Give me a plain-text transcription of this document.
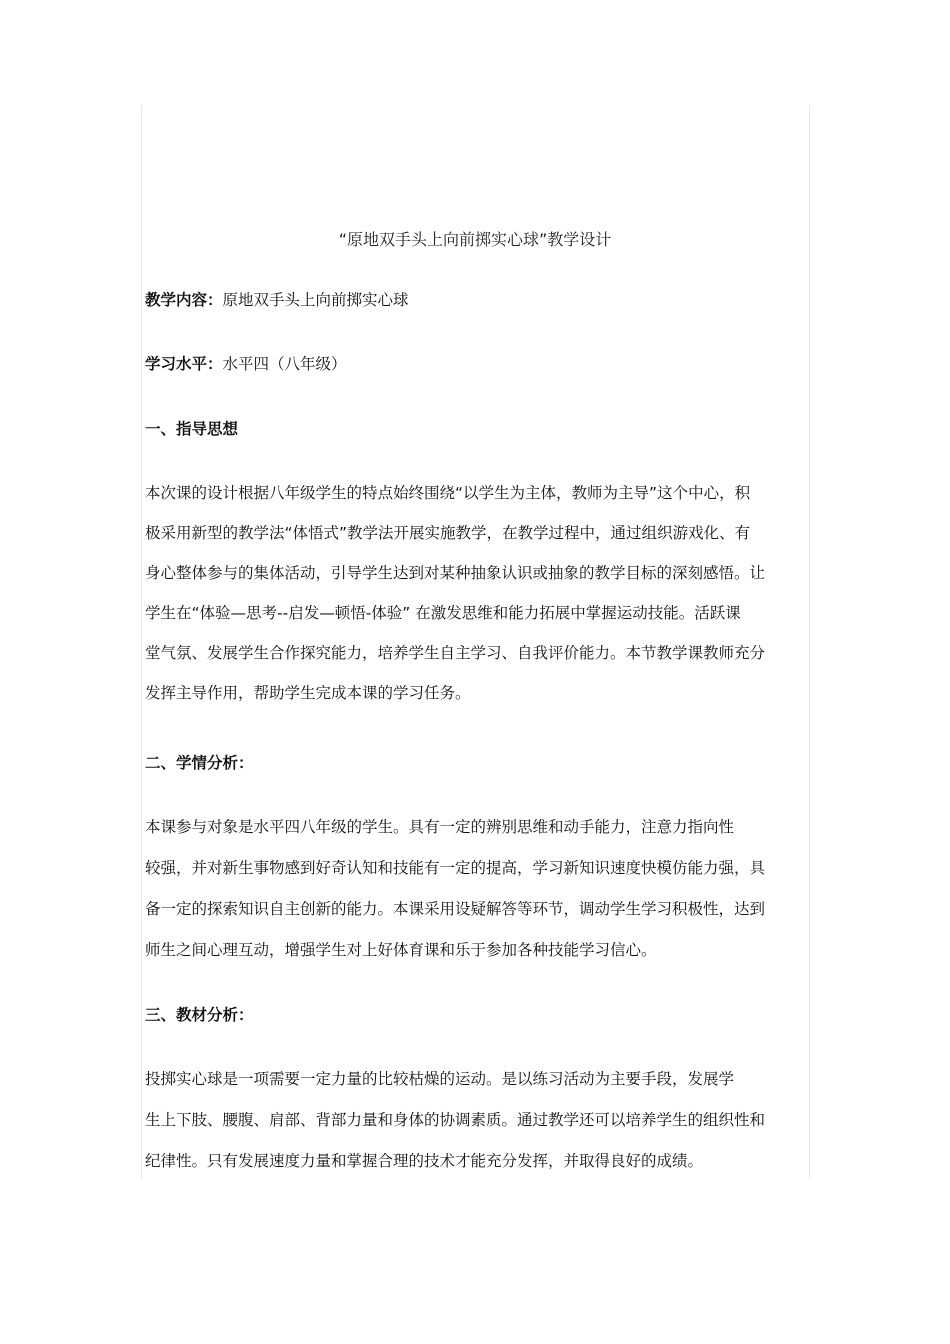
“原地双手头上向前掷实心球”教学设计
教学内容：原地双手头上向前掷实心球
学习水平：水平四（八年级）
一、指导思想
本次课的设计根据八年级学生的特点始终围绕“以学生为主体，教师为主导”这个中心，积
极采用新型的教学法“体悟式”教学法开展实施教学，在教学过程中，通过组织游戏化、有
身心整体参与的集体活动，引导学生达到对某种抽象认识或抽象的教学目标的深刻感悟。让
学生在“体验—思考--启发—顿悟-体验” 在激发思维和能力拓展中掌握运动技能。活跃课
堂气氛、发展学生合作探究能力，培养学生自主学习、自我评价能力。本节教学课教师充分
发挥主导作用，帮助学生完成本课的学习任务。
二、学情分析：
本课参与对象是水平四八年级的学生。具有一定的辨别思维和动手能力，注意力指向性
较强，并对新生事物感到好奇认知和技能有一定的提高，学习新知识速度快模仿能力强，具
备一定的探索知识自主创新的能力。本课采用设疑解答等环节，调动学生学习积极性，达到
师生之间心理互动，增强学生对上好体育课和乐于参加各种技能学习信心。
三、教材分析：
投掷实心球是一项需要一定力量的比较枯燥的运动。是以练习活动为主要手段，发展学
生上下肢、腰腹、肩部、背部力量和身体的协调素质。通过教学还可以培养学生的组织性和
纪律性。只有发展速度力量和掌握合理的技术才能充分发挥，并取得良好的成绩。
